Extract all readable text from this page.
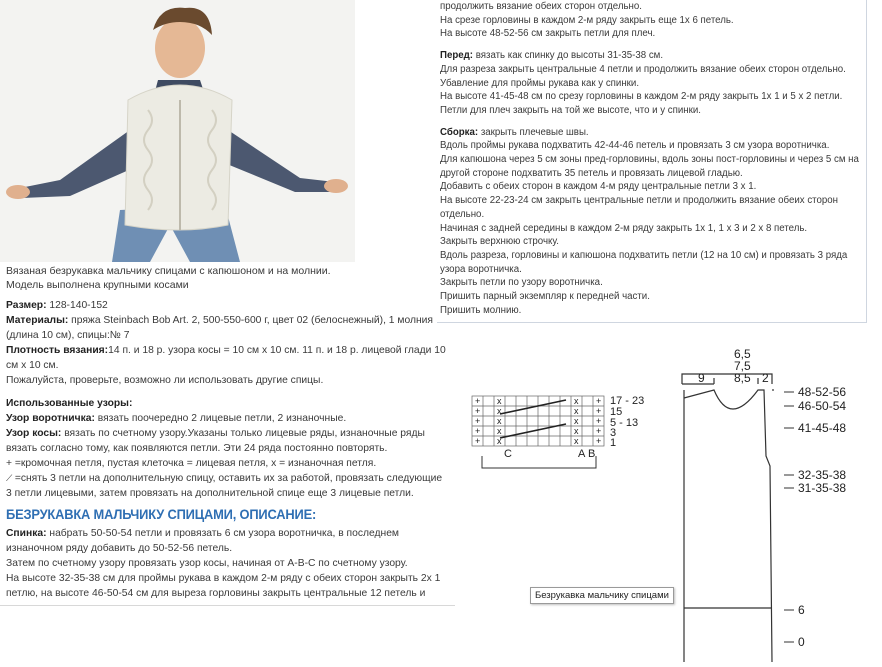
Вязаная безрукавка мальчику спицами с капюшоном и на молнии.
Модель выполнена крупными косами

Размер: 128-140-152

Материалы: пряжа Steinbach Bob Art. 2, 500-550-600 г, цвет 02 (белоснежный), 1 молния (длина 10 см), спицы:№ 7

Плотность вязания:14 п. и 18 р. узора косы = 10 см х 10 см. 11 п. и 18 р. лицевой глади 10 см х 10 см.

Пожалуйста, проверьте, возможно ли использовать другие спицы.

Использованные узоры:

Узор воротничка: вязать поочередно 2 лицевые петли, 2 изнаночные.

Узор косы: вязать по счетному узору.Указаны только лицевые ряды, изнаночные ряды вязать согласно тому, как появляются петли. Эти 24 ряда постоянно повторять.

+ =кромочная петля, пустая клеточка = лицевая петля, х = изнаночная петля.

⟋ =снять 3 петли на дополнительную спицу, оставить их за работой, провязать следующие 3 петли лицевыми, затем провязать на дополнительной спице еще 3 лицевые петли.

БЕЗРУКАВКА МАЛЬЧИКУ СПИЦАМИ, ОПИСАНИЕ:

Спинка: набрать 50-50-54 петли и провязать 6 см узора воротничка, в последнем изнаночном ряду добавить до 50-52-56 петель.

Затем по счетному узору провязать узор косы, начиная от А-В-С по счетному узору.

На высоте 32-35-38 см для проймы рукава в каждом 2-м ряду с обеих сторон закрыть 2х 1 петлю, на высоте 46-50-54 см для выреза горловины закрыть центральные 12 петель и

продолжить вязание обеих сторон отдельно.

На срезе горловины в каждом 2-м ряду закрыть еще 1х 6 петель.

На высоте 48-52-56 см закрыть петли для плеч.

Перед: вязать как спинку до высоты 31-35-38 см.

Для разреза закрыть центральные 4 петли и продолжить вязание обеих сторон отдельно.

Убавление для проймы рукава как у спинки.

На высоте 41-45-48 см по срезу горловины в каждом 2-м ряду закрыть 1х 1 и 5 х 2 петли.

Петли для плеч закрыть на той же высоте, что и у спинки.

Сборка: закрыть плечевые швы.

Вдоль проймы рукава подхватить 42-44-46 петель и провязать 3 см узора воротничка.

Для капюшона через 5 см зоны пред-горловины, вдоль зоны пост-горловины и через 5 см на другой стороне подхватить 35 петель и провязать лицевой гладью.

Добавить с обеих сторон в каждом 4-м ряду центральные петли 3 х 1.

На высоте 22-23-24 см закрыть центральные петли и продолжить вязание обеих сторон отдельно.

Начиная с задней середины в каждом 2-м ряду закрыть 1х 1, 1 х 3 и 2 х 8 петель.

Закрыть верхнюю строчку.

Вдоль разреза, горловины и капюшона подхватить петли (12 на 10 см) и провязать 3 ряда узора воротничка.

Закрыть петли по узору воротничка.

Пришить парный экземпляр к передней части.

Пришить молнию.

+ x	x +
+ x	x +
+ x	x +
+ x	x +
+ x	x +
17 - 23
15
5 - 13
3
1
C	A B
6,5
7,5
9 8,5 2
48-52-56
46-50-54
41-45-48
32-35-38
31-35-38
6
0
Безрукавка мальчику спицами
